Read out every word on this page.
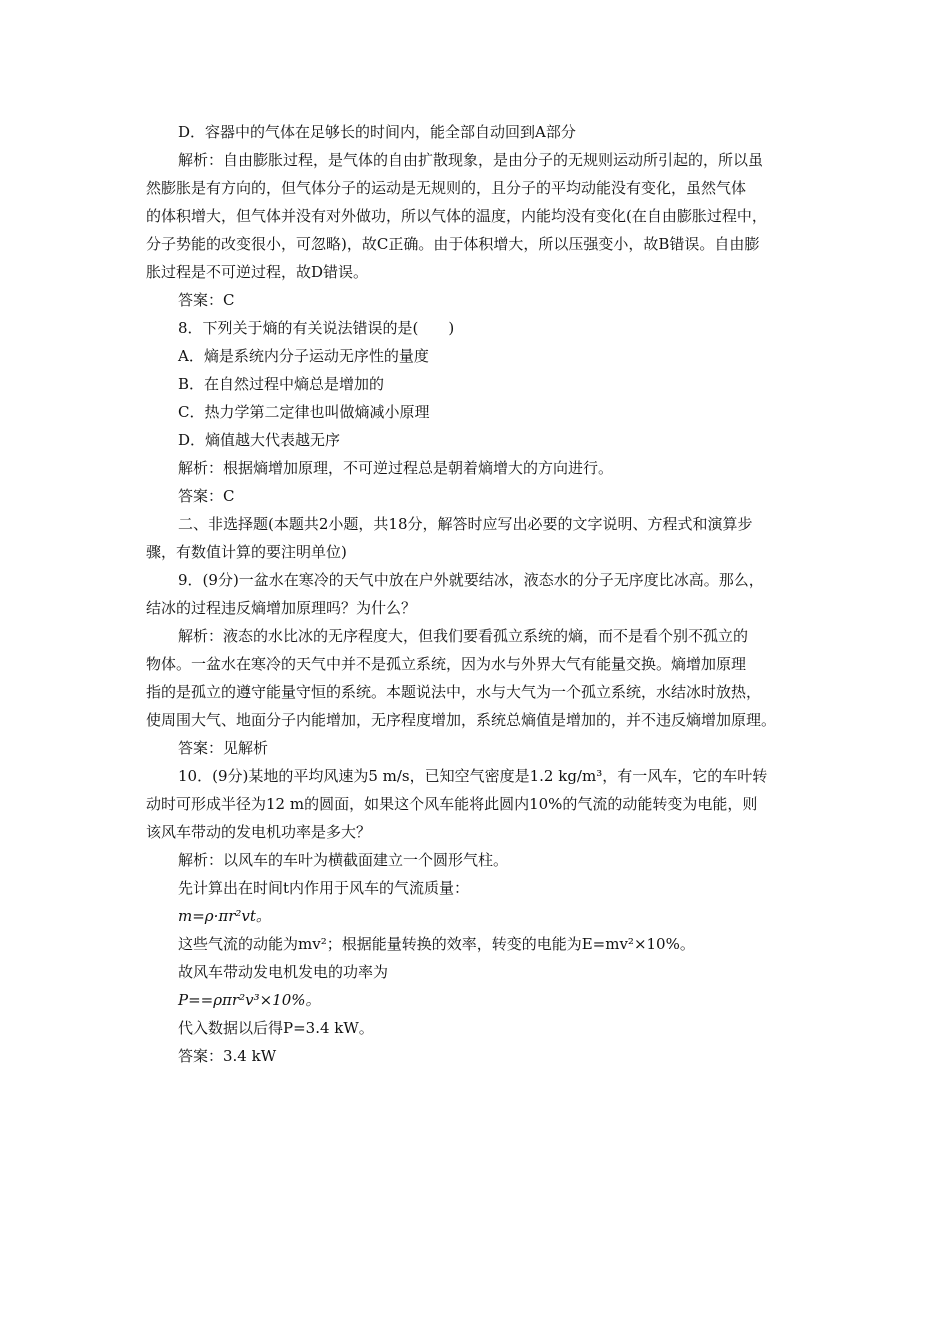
D．容器中的气体在足够长的时间内，能全部自动回到A部分

解析：自由膨胀过程，是气体的自由扩散现象，是由分子的无规则运动所引起的，所以虽

然膨胀是有方向的，但气体分子的运动是无规则的，且分子的平均动能没有变化，虽然气体

的体积增大，但气体并没有对外做功，所以气体的温度，内能均没有变化(在自由膨胀过程中，

分子势能的改变很小，可忽略)，故C正确。由于体积增大，所以压强变小，故B错误。自由膨

胀过程是不可逆过程，故D错误。

答案：C

8．下列关于熵的有关说法错误的是(　　)

A．熵是系统内分子运动无序性的量度

B．在自然过程中熵总是增加的

C．热力学第二定律也叫做熵减小原理

D．熵值越大代表越无序

解析：根据熵增加原理，不可逆过程总是朝着熵增大的方向进行。

答案：C

二、非选择题(本题共2小题，共18分，解答时应写出必要的文字说明、方程式和演算步

骤，有数值计算的要注明单位)

9．(9分)一盆水在寒冷的天气中放在户外就要结冰，液态水的分子无序度比冰高。那么，

结冰的过程违反熵增加原理吗？为什么？

解析：液态的水比冰的无序程度大，但我们要看孤立系统的熵，而不是看个别不孤立的

物体。一盆水在寒冷的天气中并不是孤立系统，因为水与外界大气有能量交换。熵增加原理

指的是孤立的遵守能量守恒的系统。本题说法中，水与大气为一个孤立系统，水结冰时放热，

使周围大气、地面分子内能增加，无序程度增加，系统总熵值是增加的，并不违反熵增加原理。

答案：见解析

10．(9分)某地的平均风速为5 m/s，已知空气密度是1.2 kg/m³，有一风车，它的车叶转

动时可形成半径为12 m的圆面，如果这个风车能将此圆内10%的气流的动能转变为电能，则

该风车带动的发电机功率是多大？

解析：以风车的车叶为横截面建立一个圆形气柱。

先计算出在时间t内作用于风车的气流质量：

m=ρ·πr²vt。

这些气流的动能为mv²；根据能量转换的效率，转变的电能为E=mv²×10%。

故风车带动发电机发电的功率为

P==ρπr²v³×10%。

代入数据以后得P=3.4 kW。

答案：3.4 kW
